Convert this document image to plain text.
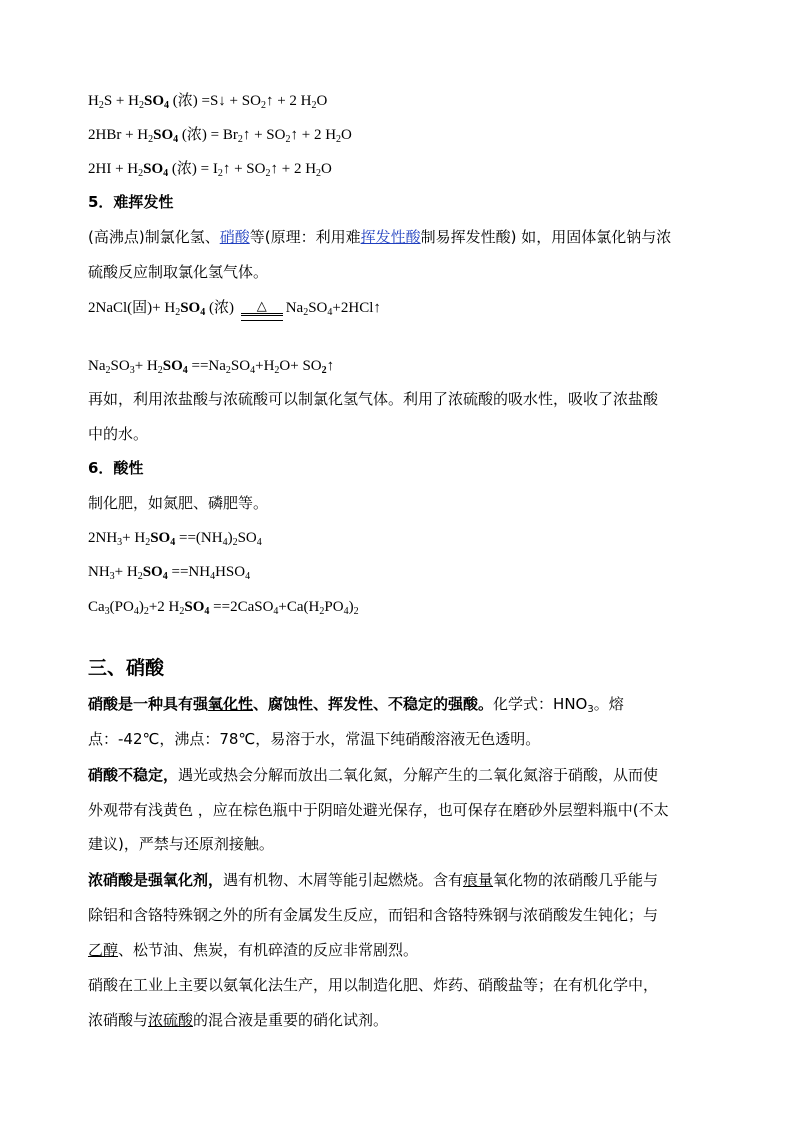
$H_2S + H_2SO_4$ (浓) =S↓ + $SO_2↑ + 2$ $H_2O$
$2HBr + H_2SO_4$ (浓) = $Br_2↑$ + $SO_2↑ + 2$ $H_2O$
$2HI + H_2SO_4$ (浓) = $I_2↑$ + $SO_2↑ + 2$ $H_2O$
5．难挥发性
(高沸点)制氯化氢、硝酸等(原理：利用难挥发性酸制易挥发性酸) 如，用固体氯化钠与浓
硫酸反应制取氯化氢气体。
2NaCl(固)+ $H_2SO_4$ (浓) △ $Na_2SO_4+2HCl↑$
$Na_2SO_3+ H_2SO_4 ==Na_2SO_4+H_2O+$ $SO_2↑$
再如，利用浓盐酸与浓硫酸可以制氯化氢气体。利用了浓硫酸的吸水性，吸收了浓盐酸
中的水。
6．酸性
制化肥，如氮肥、磷肥等。
$2NH_3+ H_2SO_4 ==(NH_4)_2SO_4$
$NH_3+ H_2SO_4 ==NH_4HSO_4$
$Ca_3(PO_4)_2+2$ $H_2SO_4$ $==2CaSO_4+Ca(H_2PO_4)_2$
三、硝酸
硝酸是一种具有强氧化性、腐蚀性、挥发性、不稳定的强酸。化学式：$HNO_3$。熔
点：-42℃，沸点：78℃，易溶于水，常温下纯硝酸溶液无色透明。
硝酸不稳定，遇光或热会分解而放出二氧化氮，分解产生的二氧化氮溶于硝酸，从而使
外观带有浅黄色 ，应在棕色瓶中于阴暗处避光保存，也可保存在磨砂外层塑料瓶中(不太
建议)，严禁与还原剂接触。
浓硝酸是强氧化剂，遇有机物、木屑等能引起燃烧。含有痕量氧化物的浓硝酸几乎能与
除铝和含铬特殊钢之外的所有金属发生反应，而铝和含铬特殊钢与浓硝酸发生钝化；与
乙醇、松节油、焦炭，有机碎渣的反应非常剧烈。
硝酸在工业上主要以氨氧化法生产，用以制造化肥、炸药、硝酸盐等；在有机化学中，
浓硝酸与浓硫酸的混合液是重要的硝化试剂。
